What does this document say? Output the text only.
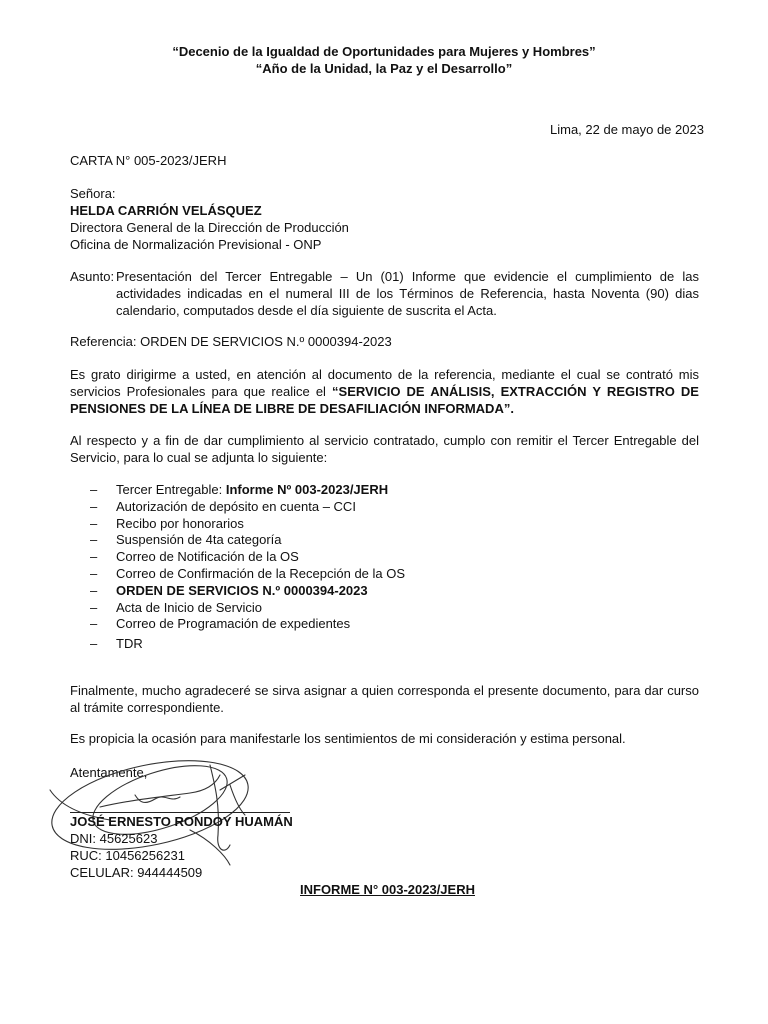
“Decenio de la Igualdad de Oportunidades para Mujeres y Hombres”
“Año de la Unidad, la Paz y el Desarrollo”
Lima, 22 de mayo de 2023
CARTA N° 005-2023/JERH
Señora:
HELDA CARRIÓN VELÁSQUEZ
Directora General de la Dirección de Producción
Oficina de Normalización Previsional - ONP
Asunto: Presentación del Tercer Entregable – Un (01) Informe que evidencie el cumplimiento de las actividades indicadas en el numeral III de los Términos de Referencia, hasta Noventa (90) dias calendario, computados desde el día siguiente de suscrita el Acta.
Referencia: ORDEN DE SERVICIOS N.º 0000394-2023
Es grato dirigirme a usted, en atención al documento de la referencia, mediante el cual se contrató mis servicios Profesionales para que realice el “SERVICIO DE ANÁLISIS, EXTRACCIÓN Y REGISTRO DE PENSIONES DE LA LÍNEA DE LIBRE DE DESAFILIACIÓN INFORMADA”.
Al respecto y a fin de dar cumplimiento al servicio contratado, cumplo con remitir el Tercer Entregable del Servicio, para lo cual se adjunta lo siguiente:
– Tercer Entregable: Informe Nº 003-2023/JERH
– Autorización de depósito en cuenta – CCI
– Recibo por honorarios
– Suspensión de 4ta categoría
– Correo de Notificación de la OS
– Correo de Confirmación de la Recepción de la OS
– ORDEN DE SERVICIOS N.º 0000394-2023
– Acta de Inicio de Servicio
– Correo de Programación de expedientes
– TDR
Finalmente, mucho agradeceré se sirva asignar a quien corresponda el presente documento, para dar curso al trámite correspondiente.
Es propicia la ocasión para manifestarle los sentimientos de mi consideración y estima personal.
Atentamente,
JOSÉ ERNESTO RONDOY HUAMÁN
DNI: 45625623
RUC: 10456256231
CELULAR: 944444509
INFORME N° 003-2023/JERH
